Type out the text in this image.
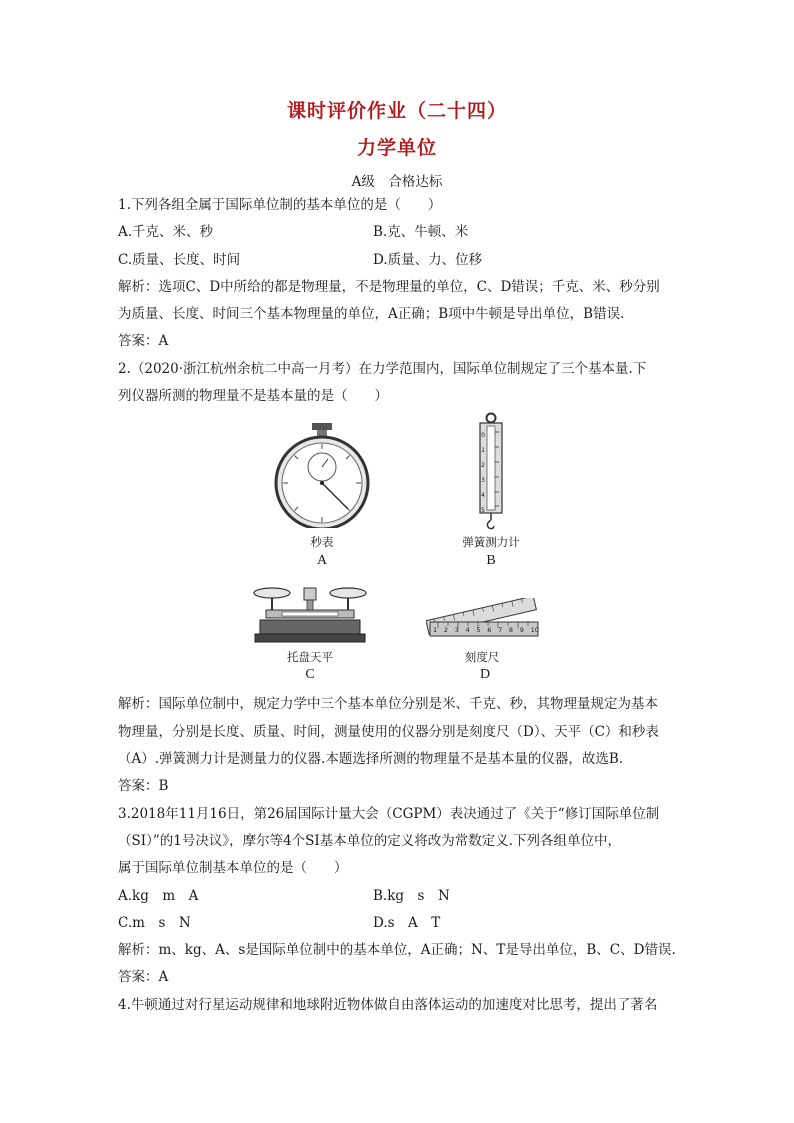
课时评价作业（二十四）
力学单位
A级　合格达标
1.下列各组全属于国际单位制的基本单位的是（　　）
A.千克、米、秒	B.克、牛顿、米
C.质量、长度、时间	D.质量、力、位移
解析：选项C、D中所给的都是物理量，不是物理量的单位，C、D错误；千克、米、秒分别
为质量、长度、时间三个基本物理量的单位，A正确；B项中牛顿是导出单位，B错误.
答案：A
2.（2020·浙江杭州余杭二中高一月考）在力学范围内，国际单位制规定了三个基本量.下
列仪器所测的物理量不是基本量的是（　　）
秒表
A
0
1
2
3
4
5
弹簧测力计
B
托盘天平
C
1 2 3 4 5 6 7 8 9 10
刻度尺
D
解析：国际单位制中，规定力学中三个基本单位分别是米、千克、秒，其物理量规定为基本
物理量，分别是长度、质量、时间，测量使用的仪器分别是刻度尺（D）、天平（C）和秒表
（A）.弹簧测力计是测量力的仪器.本题选择所测的物理量不是基本量的仪器，故选B.
答案：B
3.2018年11月16日，第26届国际计量大会（CGPM）表决通过了《关于“修订国际单位制
（SI）”的1号决议》，摩尔等4个SI基本单位的定义将改为常数定义.下列各组单位中，
属于国际单位制基本单位的是（　　）
A.kg　m　A	B.kg　s　N
C.m　s　N	D.s　A　T
解析：m、kg、A、s是国际单位制中的基本单位，A正确；N、T是导出单位，B、C、D错误.
答案：A
4.牛顿通过对行星运动规律和地球附近物体做自由落体运动的加速度对比思考，提出了著名
